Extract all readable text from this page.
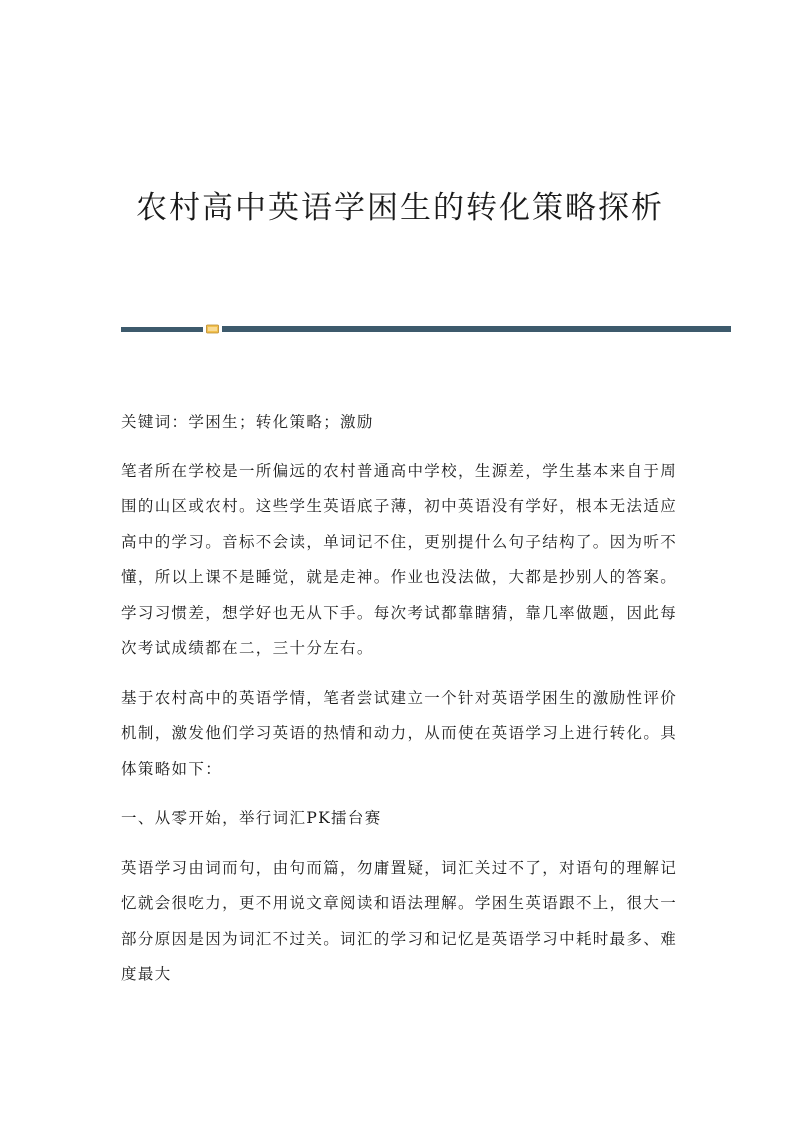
农村高中英语学困生的转化策略探析

关键词：学困生；转化策略；激励

笔者所在学校是一所偏远的农村普通高中学校，生源差，学生基本来自于周围的山区或农村。这些学生英语底子薄，初中英语没有学好，根本无法适应高中的学习。音标不会读，单词记不住，更别提什么句子结构了。因为听不懂，所以上课不是睡觉，就是走神。作业也没法做，大都是抄别人的答案。学习习惯差，想学好也无从下手。每次考试都靠瞎猜，靠几率做题，因此每次考试成绩都在二，三十分左右。

基于农村高中的英语学情，笔者尝试建立一个针对英语学困生的激励性评价机制，激发他们学习英语的热情和动力，从而使在英语学习上进行转化。具体策略如下：

一、从零开始，举行词汇PK擂台赛

英语学习由词而句，由句而篇，勿庸置疑，词汇关过不了，对语句的理解记忆就会很吃力，更不用说文章阅读和语法理解。学困生英语跟不上，很大一部分原因是因为词汇不过关。词汇的学习和记忆是英语学习中耗时最多、难度最大
